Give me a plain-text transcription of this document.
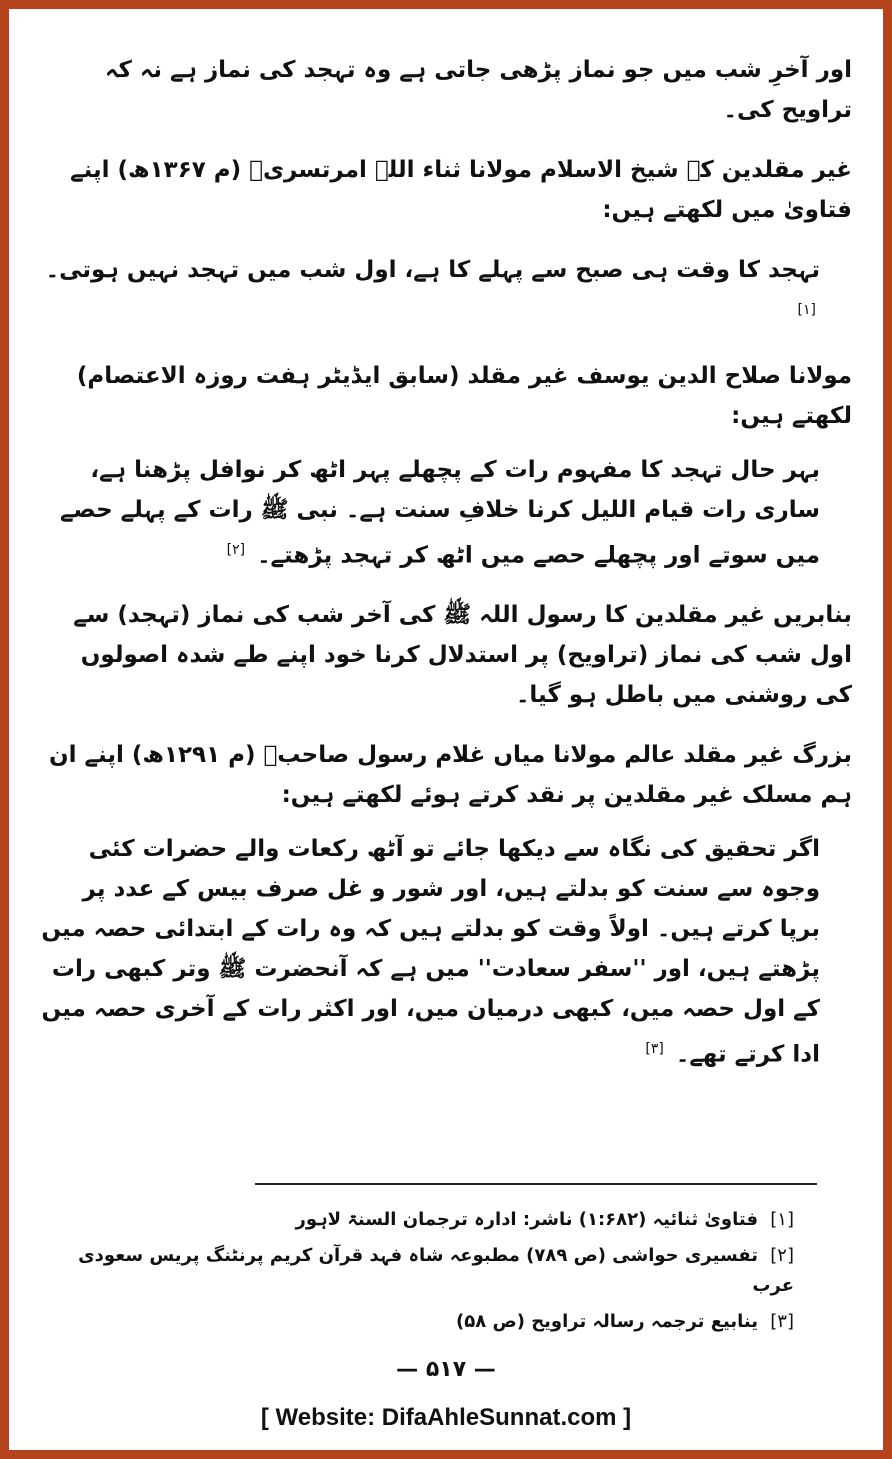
اور آخرِ شب میں جو نماز پڑھی جاتی ہے وہ تہجد کی نماز ہے نہ کہ تراویح کی۔

غیر مقلدین کے شیخ الاسلام مولانا ثناء اللہ امرتسریؒ (م ۱۳۶۷ھ) اپنے فتاویٰ میں لکھتے ہیں:

تہجد کا وقت ہی صبح سے پہلے کا ہے، اول شب میں تہجد نہیں ہوتی۔ [۱]

مولانا صلاح الدین یوسف غیر مقلد (سابق ایڈیٹر ہفت روزہ الاعتصام) لکھتے ہیں:

بہر حال تہجد کا مفہوم رات کے پچھلے پہر اٹھ کر نوافل پڑھنا ہے، ساری رات قیام اللیل کرنا خلافِ سنت ہے۔ نبی ﷺ رات کے پہلے حصے میں سوتے اور پچھلے حصے میں اٹھ کر تہجد پڑھتے۔ [۲]

بنابریں غیر مقلدین کا رسول اللہ ﷺ کی آخر شب کی نماز (تہجد) سے اول شب کی نماز (تراویح) پر استدلال کرنا خود اپنے طے شدہ اصولوں کی روشنی میں باطل ہو گیا۔

بزرگ غیر مقلد عالم مولانا میاں غلام رسول صاحبؒ (م ۱۲۹۱ھ) اپنے ان ہم مسلک غیر مقلدین پر نقد کرتے ہوئے لکھتے ہیں:

اگر تحقیق کی نگاہ سے دیکھا جائے تو آٹھ رکعات والے حضرات کئی وجوہ سے سنت کو بدلتے ہیں، اور شور و غل صرف بیس کے عدد پر برپا کرتے ہیں۔ اولاً وقت کو بدلتے ہیں کہ وہ رات کے ابتدائی حصہ میں پڑھتے ہیں، اور ''سفر سعادت'' میں ہے کہ آنحضرت ﷺ وتر کبھی رات کے اول حصہ میں، کبھی درمیان میں، اور اکثر رات کے آخری حصہ میں ادا کرتے تھے۔ [۳]

[۱] فتاویٰ ثنائیہ (۱:۶۸۲) ناشر: ادارہ ترجمان السنۃ لاہور

[۲] تفسیری حواشی (ص ۷۸۹) مطبوعہ شاہ فہد قرآن کریم پرنٹنگ پریس سعودی عرب

[۳] ینابیع ترجمہ رسالہ تراویح (ص ۵۸)

— ۵۱۷ —
[ Website: DifaAhleSunnat.com ]
